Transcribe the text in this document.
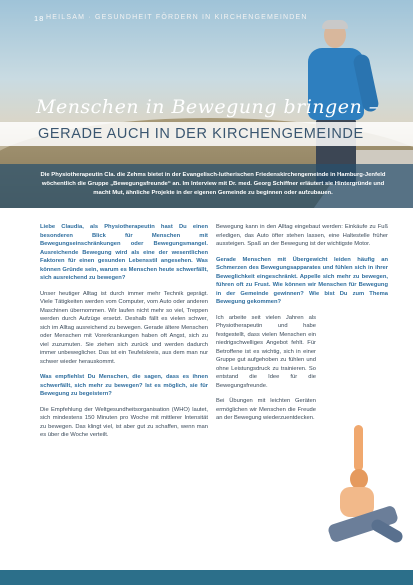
18 HEILSAM · GESUNDHEIT FÖRDERN IN KIRCHENGEMEINDEN
Menschen in Bewegung bringen –
GERADE AUCH IN DER KIRCHENGEMEINDE

Die Physiotherapeutin Cla. die Zehms bietet in der Evangelisch-lutherischen Friedenskirchengemeinde in Hamburg-Jenfeld wöchentlich die Gruppe „Bewegungsfreunde“ an. Im Interview mit Dr. med. Georg Schiffner erläutert sie Hintergründe und macht Mut, ähnliche Projekte in der eigenen Gemeinde zu beginnen oder aufzubauen.

Liebe Claudia, als Physiotherapeutin hast Du einen besonderen Blick für Menschen mit Bewegungseinschränkungen oder Bewegungsmangel. Ausreichende Bewegung wird als eine der wesentlichen Faktoren für einen gesunden Lebensstil angesehen. Was können Gründe sein, warum es Menschen heute schwerfällt, sich ausreichend zu bewegen?

Unser heutiger Alltag ist durch immer mehr Technik geprägt. Viele Tätigkeiten werden vom Computer, vom Auto oder anderen Maschinen übernommen. Wir laufen nicht mehr so viel, Treppen werden durch Aufzüge ersetzt. Deshalb fällt es vielen schwer, sich im Alltag ausreichend zu bewegen. Gerade ältere Menschen oder Menschen mit Vorerkrankungen haben oft Angst, sich zu viel zuzumuten. Sie ziehen sich zurück und werden dadurch immer unbeweglicher. Das ist ein Teufelskreis, aus dem man nur schwer wieder herauskommt.

Was empfiehlst Du Menschen, die sagen, dass es ihnen schwerfällt, sich mehr zu bewegen? Ist es möglich, sie für Bewegung zu begeistern?

Die Empfehlung der Weltgesundheitsorganisation (WHO) lautet, sich mindestens 150 Minuten pro Woche mit mittlerer Intensität zu bewegen. Das klingt viel, ist aber gut zu schaffen, wenn man es über die Woche verteilt.

Bewegung kann in den Alltag eingebaut werden: Einkäufe zu Fuß erledigen, das Auto öfter stehen lassen, eine Haltestelle früher aussteigen. Spaß an der Bewegung ist der wichtigste Motor.

Gerade Menschen mit Übergewicht leiden häufig an Schmerzen des Bewegungsapparates und fühlen sich in ihrer Beweglichkeit eingeschränkt. Appelle sich mehr zu bewegen, führen oft zu Frust. Wie können wir Menschen für Bewegung in der Gemeinde gewinnen? Wie bist Du zum Thema Bewegung gekommen?

Ich arbeite seit vielen Jahren als Physiotherapeutin und habe festgestellt, dass vielen Menschen ein niedrigschwelliges Angebot fehlt. Für Betroffene ist es wichtig, sich in einer Gruppe gut aufgehoben zu fühlen und ohne Leistungsdruck zu trainieren. So entstand die Idee für die Bewegungsfreunde.

Bei Übungen mit leichten Geräten ermöglichen wir Menschen die Freude an der Bewegung wiederzuentdecken.
